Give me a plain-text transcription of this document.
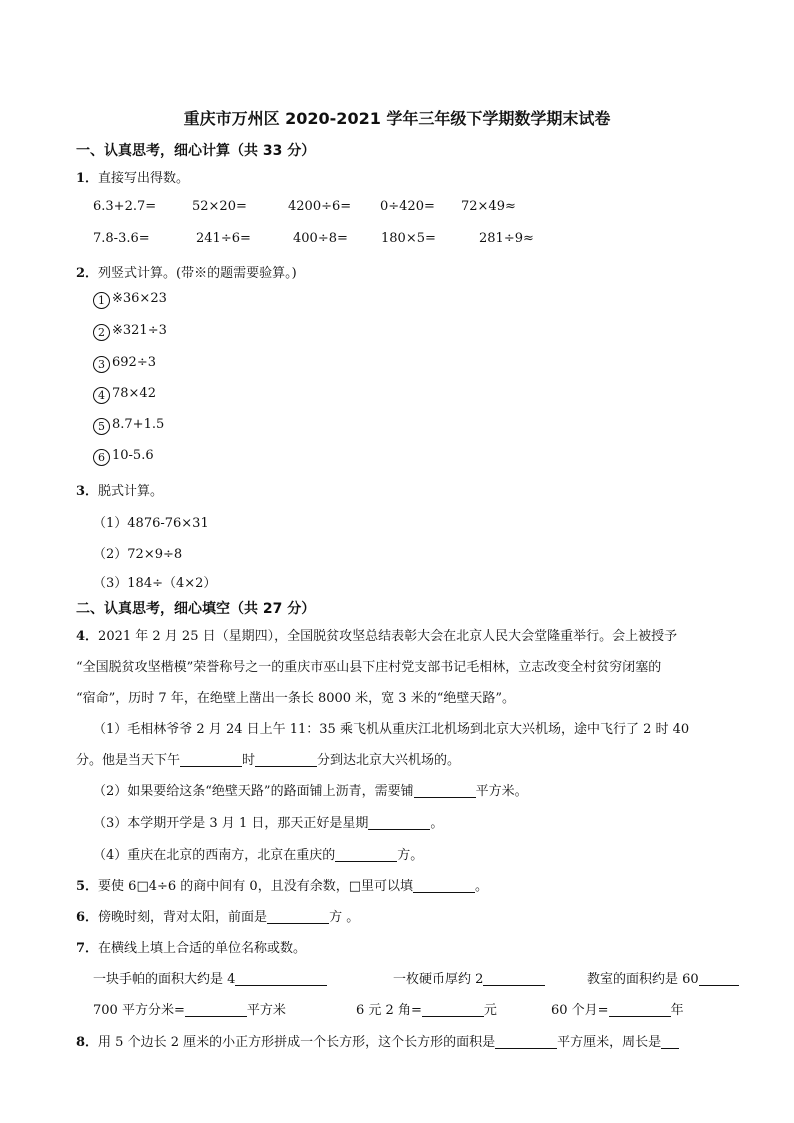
重庆市万州区 2020-2021 学年三年级下学期数学期末试卷
一、认真思考，细心计算（共 33 分）
1．直接写出得数。
6.3+2.7=	52×20=	4200÷6= 0÷420= 72×49≈
7.8-3.6=	241÷6=	400÷8=	180×5=	281÷9≈
2．列竖式计算。(带※的题需要验算。)
1 ※36×23
2 ※321÷3
3 692÷3
4 78×42
5 8.7+1.5
6 10-5.6
3．脱式计算。
（1）4876-76×31
（2）72×9÷8
（3）184÷（4×2）
二、认真思考，细心填空（共 27 分）
4．2021 年 2 月 25 日（星期四），全国脱贫攻坚总结表彰大会在北京人民大会堂隆重举行。会上被授予
“全国脱贫攻坚楷模”荣誉称号之一的重庆市巫山县下庄村党支部书记毛相林，立志改变全村贫穷闭塞的
“宿命”，历时 7 年，在绝壁上凿出一条长 8000 米，宽 3 米的“绝壁天路”。
（1）毛相林爷爷 2 月 24 日上午 11：35 乘飞机从重庆江北机场到北京大兴机场，途中飞行了 2 时 40
分。他是当天下午	时	分到达北京大兴机场的。
（2）如果要给这条“绝壁天路”的路面铺上沥青，需要铺	平方米。
（3）本学期开学是 3 月 1 日，那天正好是星期	。
（4）重庆在北京的西南方，北京在重庆的	方。
5．要使 6□4÷6 的商中间有 0，且没有余数，□里可以填	。
6．傍晚时刻，背对太阳，前面是	方 。
7．在横线上填上合适的单位名称或数。
一块手帕的面积大约是 4	一枚硬币厚约 2	教室的面积约是 60
700 平方分米=	平方米	6 元 2 角=	元	60 个月=	年
8．用 5 个边长 2 厘米的小正方形拼成一个长方形，这个长方形的面积是	平方厘米，周长是
